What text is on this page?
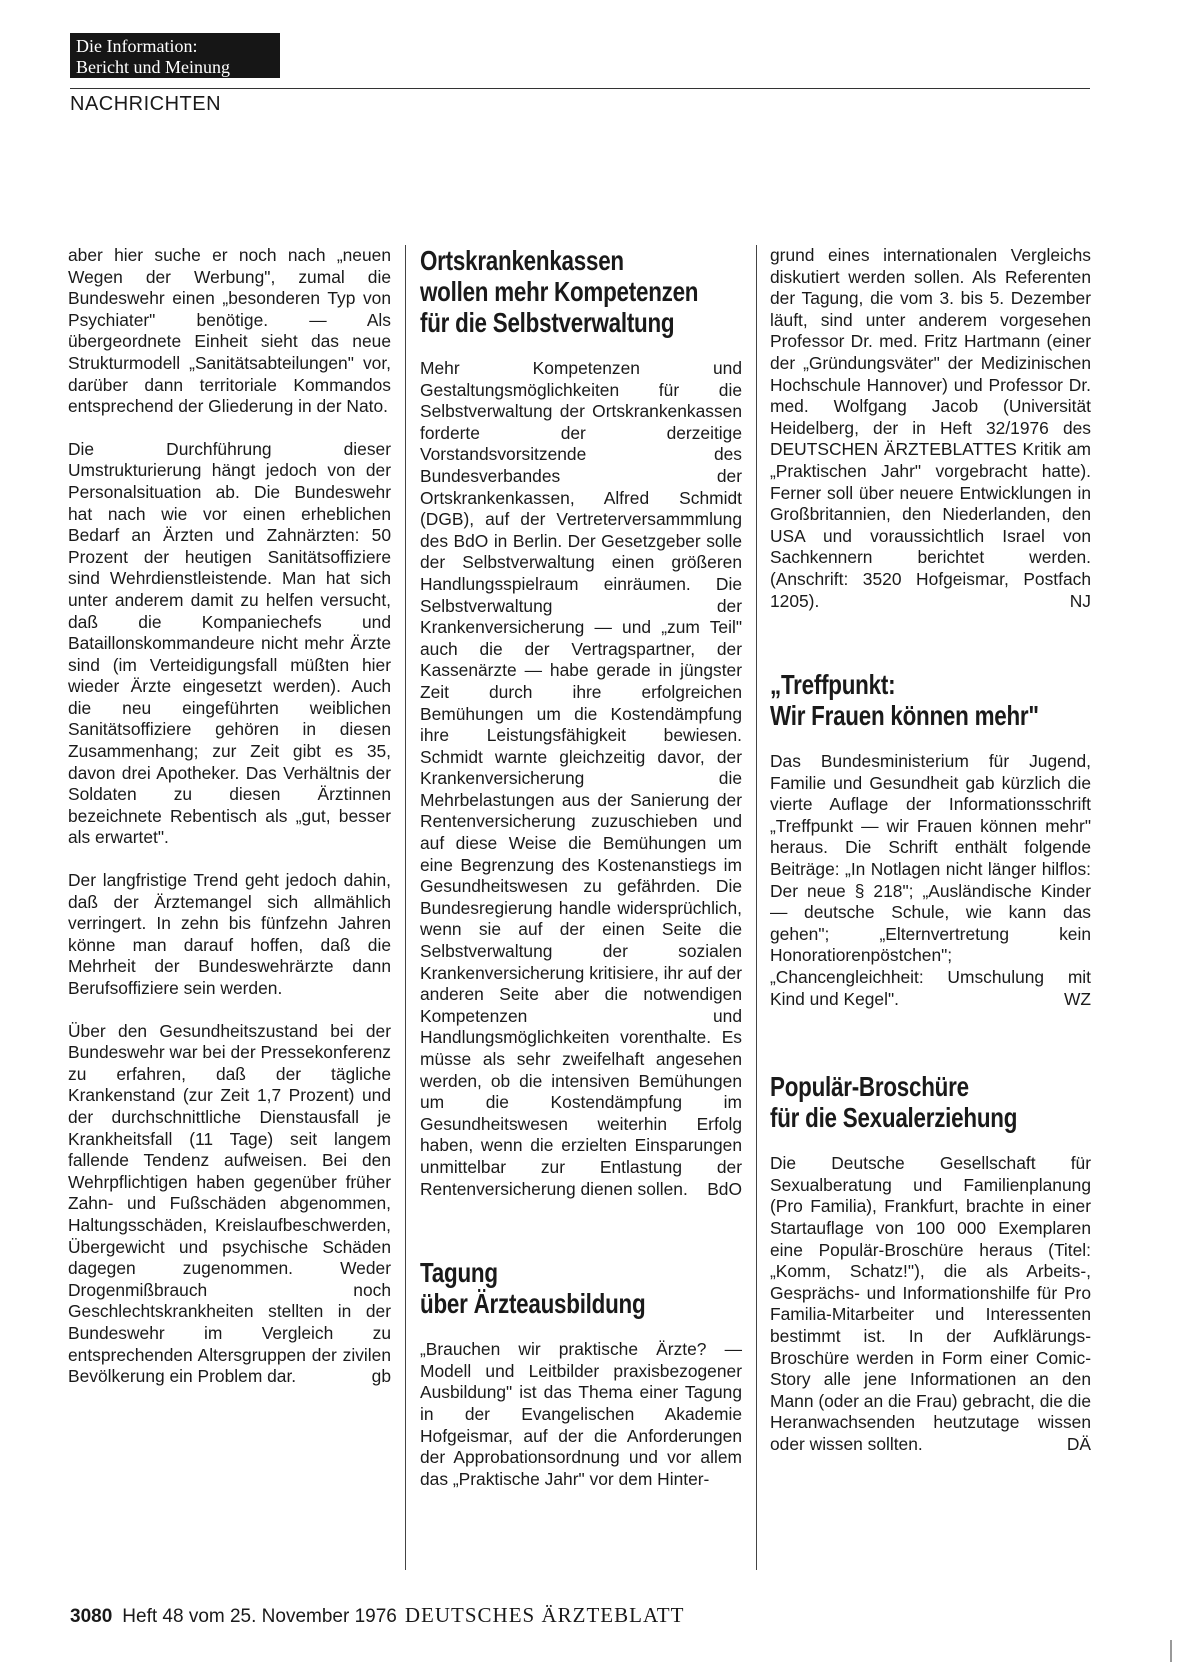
Die Information:
Bericht und Meinung
NACHRICHTEN

aber hier suche er noch nach „neuen Wegen der Werbung", zumal die Bundeswehr einen „besonderen Typ von Psychiater" benötige. — Als übergeordnete Einheit sieht das neue Strukturmodell „Sanitätsabteilungen" vor, darüber dann territoriale Kommandos entsprechend der Gliederung in der Nato.

Die Durchführung dieser Umstrukturierung hängt jedoch von der Personalsituation ab. Die Bundeswehr hat nach wie vor einen erheblichen Bedarf an Ärzten und Zahnärzten: 50 Prozent der heutigen Sanitätsoffiziere sind Wehrdienstleistende. Man hat sich unter anderem damit zu helfen versucht, daß die Kompaniechefs und Bataillonskommandeure nicht mehr Ärzte sind (im Verteidigungsfall müßten hier wieder Ärzte eingesetzt werden). Auch die neu eingeführten weiblichen Sanitätsoffiziere gehören in diesen Zusammenhang; zur Zeit gibt es 35, davon drei Apotheker. Das Verhältnis der Soldaten zu diesen Ärztinnen bezeichnete Rebentisch als „gut, besser als erwartet".

Der langfristige Trend geht jedoch dahin, daß der Ärztemangel sich allmählich verringert. In zehn bis fünfzehn Jahren könne man darauf hoffen, daß die Mehrheit der Bundeswehrärzte dann Berufsoffiziere sein werden.

Über den Gesundheitszustand bei der Bundeswehr war bei der Pressekonferenz zu erfahren, daß der tägliche Krankenstand (zur Zeit 1,7 Prozent) und der durchschnittliche Dienstausfall je Krankheitsfall (11 Tage) seit langem fallende Tendenz aufweisen. Bei den Wehrpflichtigen haben gegenüber früher Zahn- und Fußschäden abgenommen, Haltungsschäden, Kreislaufbeschwerden, Übergewicht und psychische Schäden dagegen zugenommen. Weder Drogenmißbrauch noch Geschlechtskrankheiten stellten in der Bundeswehr im Vergleich zu entsprechenden Altersgruppen der zivilen Bevölkerung ein Problem dar.	gb

Ortskrankenkassen
wollen mehr Kompetenzen
für die Selbstverwaltung

Mehr Kompetenzen und Gestaltungsmöglichkeiten für die Selbstverwaltung der Ortskrankenkassen forderte der derzeitige Vorstandsvorsitzende des Bundesverbandes der Ortskrankenkassen, Alfred Schmidt (DGB), auf der Vertreterversammmlung des BdO in Berlin. Der Gesetzgeber solle der Selbstverwaltung einen größeren Handlungsspielraum einräumen. Die Selbstverwaltung der Krankenversicherung — und „zum Teil" auch die der Vertragspartner, der Kassenärzte — habe gerade in jüngster Zeit durch ihre erfolgreichen Bemühungen um die Kostendämpfung ihre Leistungsfähigkeit bewiesen. Schmidt warnte gleichzeitig davor, der Krankenversicherung die Mehrbelastungen aus der Sanierung der Rentenversicherung zuzuschieben und auf diese Weise die Bemühungen um eine Begrenzung des Kostenanstiegs im Gesundheitswesen zu gefährden. Die Bundesregierung handle widersprüchlich, wenn sie auf der einen Seite die Selbstverwaltung der sozialen Krankenversicherung kritisiere, ihr auf der anderen Seite aber die notwendigen Kompetenzen und Handlungsmöglichkeiten vorenthalte. Es müsse als sehr zweifelhaft angesehen werden, ob die intensiven Bemühungen um die Kostendämpfung im Gesundheitswesen weiterhin Erfolg haben, wenn die erzielten Einsparungen unmittelbar zur Entlastung der Rentenversicherung dienen sollen. BdO

Tagung
über Ärzteausbildung

„Brauchen wir praktische Ärzte? — Modell und Leitbilder praxisbezogener Ausbildung" ist das Thema einer Tagung in der Evangelischen Akademie Hofgeismar, auf der die Anforderungen der Approbationsordnung und vor allem das „Praktische Jahr" vor dem Hinter-

grund eines internationalen Vergleichs diskutiert werden sollen. Als Referenten der Tagung, die vom 3. bis 5. Dezember läuft, sind unter anderem vorgesehen Professor Dr. med. Fritz Hartmann (einer der „Gründungsväter" der Medizinischen Hochschule Hannover) und Professor Dr. med. Wolfgang Jacob (Universität Heidelberg, der in Heft 32/1976 des DEUTSCHEN ÄRZTEBLATTES Kritik am „Praktischen Jahr" vorgebracht hatte). Ferner soll über neuere Entwicklungen in Großbritannien, den Niederlanden, den USA und voraussichtlich Israel von Sachkennern berichtet werden. (Anschrift: 3520 Hofgeismar, Postfach 1205).	NJ

„Treffpunkt:
Wir Frauen können mehr"

Das Bundesministerium für Jugend, Familie und Gesundheit gab kürzlich die vierte Auflage der Informationsschrift „Treffpunkt — wir Frauen können mehr" heraus. Die Schrift enthält folgende Beiträge: „In Notlagen nicht länger hilflos: Der neue § 218"; „Ausländische Kinder — deutsche Schule, wie kann das gehen"; „Elternvertretung kein Honoratiorenpöstchen"; „Chancengleichheit: Umschulung mit Kind und Kegel".	WZ

Populär-Broschüre
für die Sexualerziehung

Die Deutsche Gesellschaft für Sexualberatung und Familienplanung (Pro Familia), Frankfurt, brachte in einer Startauflage von 100 000 Exemplaren eine Populär-Broschüre heraus (Titel: „Komm, Schatz!"), die als Arbeits-, Gesprächs- und Informationshilfe für Pro Familia-Mitarbeiter und Interessenten bestimmt ist. In der Aufklärungs-Broschüre werden in Form einer Comic-Story alle jene Informationen an den Mann (oder an die Frau) gebracht, die die Heranwachsenden heutzutage wissen oder wissen sollten.	DÄ

3080 Heft 48 vom 25. November 1976 DEUTSCHES ÄRZTEBLATT
